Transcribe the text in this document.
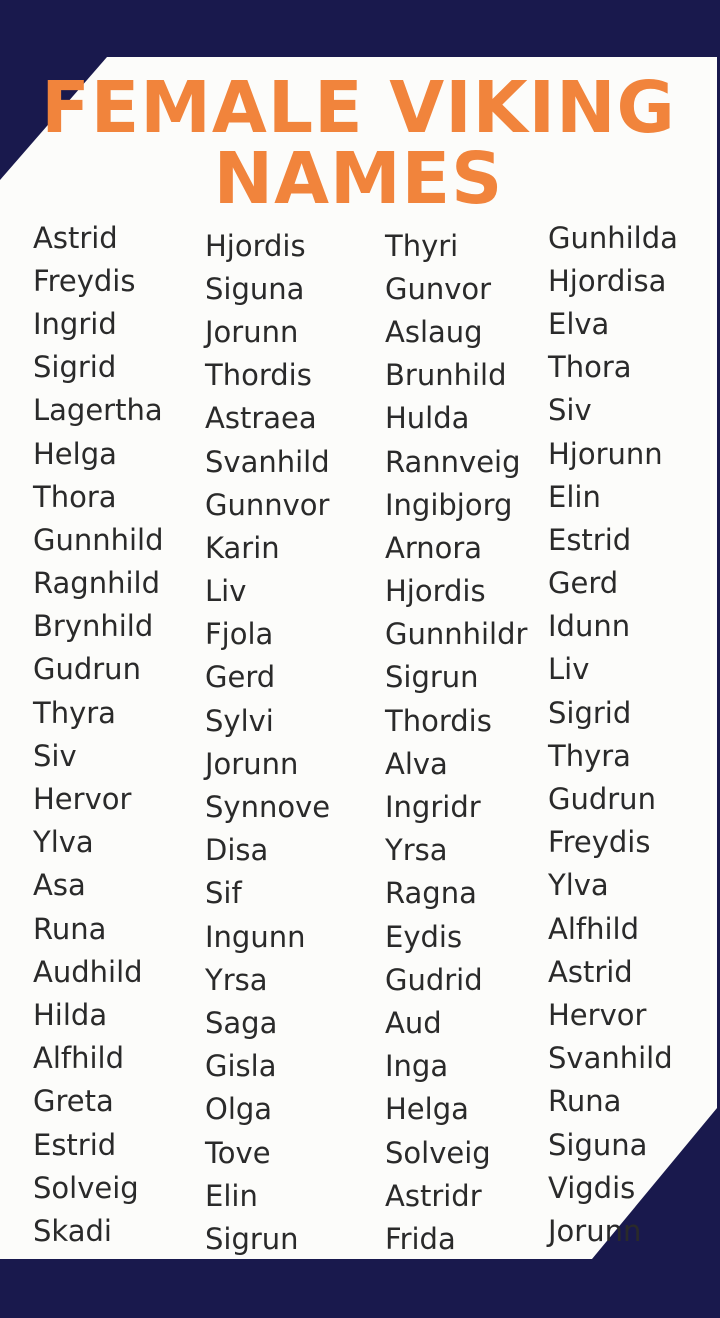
FEMALE VIKING
NAMES
Astrid
Freydis
Ingrid
Sigrid
Lagertha
Helga
Thora
Gunnhild
Ragnhild
Brynhild
Gudrun
Thyra
Siv
Hervor
Ylva
Asa
Runa
Audhild
Hilda
Alfhild
Greta
Estrid
Solveig
Skadi
Hjordis
Siguna
Jorunn
Thordis
Astraea
Svanhild
Gunnvor
Karin
Liv
Fjola
Gerd
Sylvi
Jorunn
Synnove
Disa
Sif
Ingunn
Yrsa
Saga
Gisla
Olga
Tove
Elin
Sigrun
Thyri
Gunvor
Aslaug
Brunhild
Hulda
Rannveig
Ingibjorg
Arnora
Hjordis
Gunnhildr
Sigrun
Thordis
Alva
Ingridr
Yrsa
Ragna
Eydis
Gudrid
Aud
Inga
Helga
Solveig
Astridr
Frida
Gunhilda
Hjordisa
Elva
Thora
Siv
Hjorunn
Elin
Estrid
Gerd
Idunn
Liv
Sigrid
Thyra
Gudrun
Freydis
Ylva
Alfhild
Astrid
Hervor
Svanhild
Runa
Siguna
Vigdis
Jorunn
